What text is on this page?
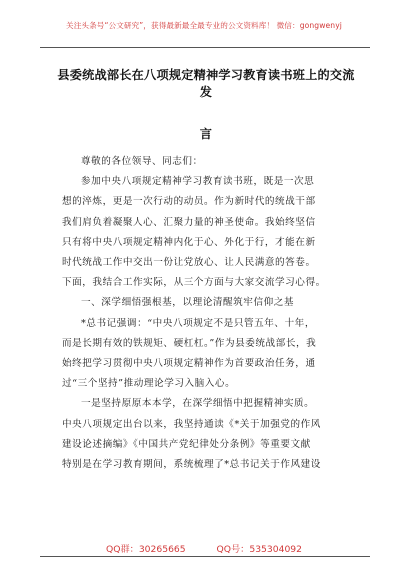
关注头条号“公文研究”，获得最新最全最专业的公文资料库！ 微信：gongwenyj
县委统战部长在八项规定精神学习教育读书班上的交流发
言
尊敬的各位领导、同志们：
参加中央八项规定精神学习教育读书班，既是一次思
想的淬炼，更是一次行动的动员。作为新时代的统战干部
我们肩负着凝聚人心、汇聚力量的神圣使命。我始终坚信
只有将中央八项规定精神内化于心、外化于行，才能在新
时代统战工作中交出一份让党放心、让人民满意的答卷。
下面，我结合工作实际，从三个方面与大家交流学习心得。
一、深学细悟强根基，以理论清醒筑牢信仰之基
*总书记强调：“中央八项规定不是只管五年、十年，
而是长期有效的铁规矩、硬杠杠。”作为县委统战部长，我
始终把学习贯彻中央八项规定精神作为首要政治任务，通
过“三个坚持”推动理论学习入脑入心。
一是坚持原原本本学，在深学细悟中把握精神实质。
中央八项规定出台以来，我坚持通读《*关于加强党的作风
建设论述摘编》《中国共产党纪律处分条例》等重要文献
特别是在学习教育期间，系统梳理了*总书记关于作风建设
QQ群：30265665	QQ号：535304092
